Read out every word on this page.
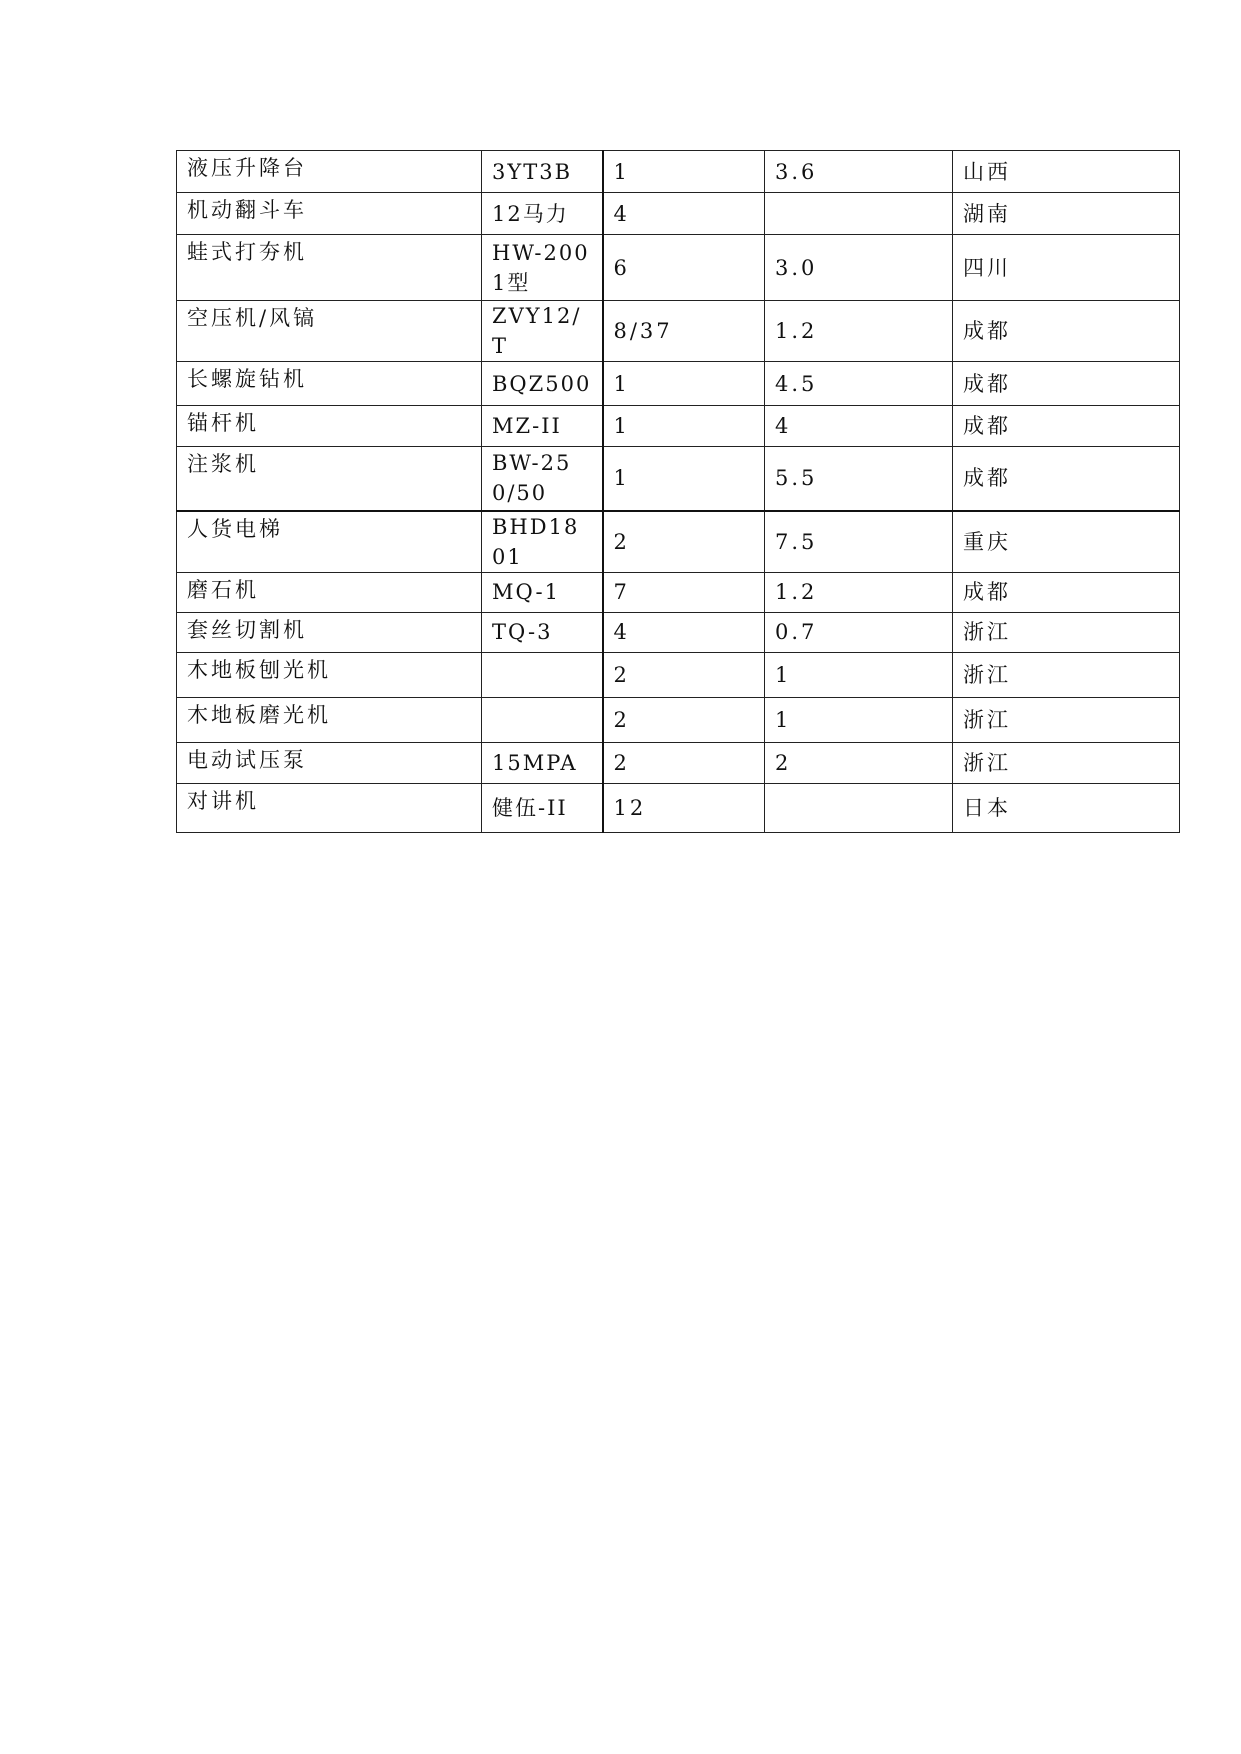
液压升降台	3YT3B	1	3.6	山西
机动翻斗车	12马力	4		湖南
蛙式打夯机	HW-2001型	6	3.0	四川
空压机/风镐	ZVY12/T	8/37	1.2	成都
长螺旋钻机	BQZ500	1	4.5	成都
锚杆机	MZ-II	1	4	成都
注浆机	BW-250/50	1	5.5	成都
人货电梯	BHD1801	2	7.5	重庆
磨石机	MQ-1	7	1.2	成都
套丝切割机	TQ-3	4	0.7	浙江
木地板刨光机		2	1	浙江
木地板磨光机		2	1	浙江
电动试压泵	15MPA	2	2	浙江
对讲机	健伍-II	12		日本
